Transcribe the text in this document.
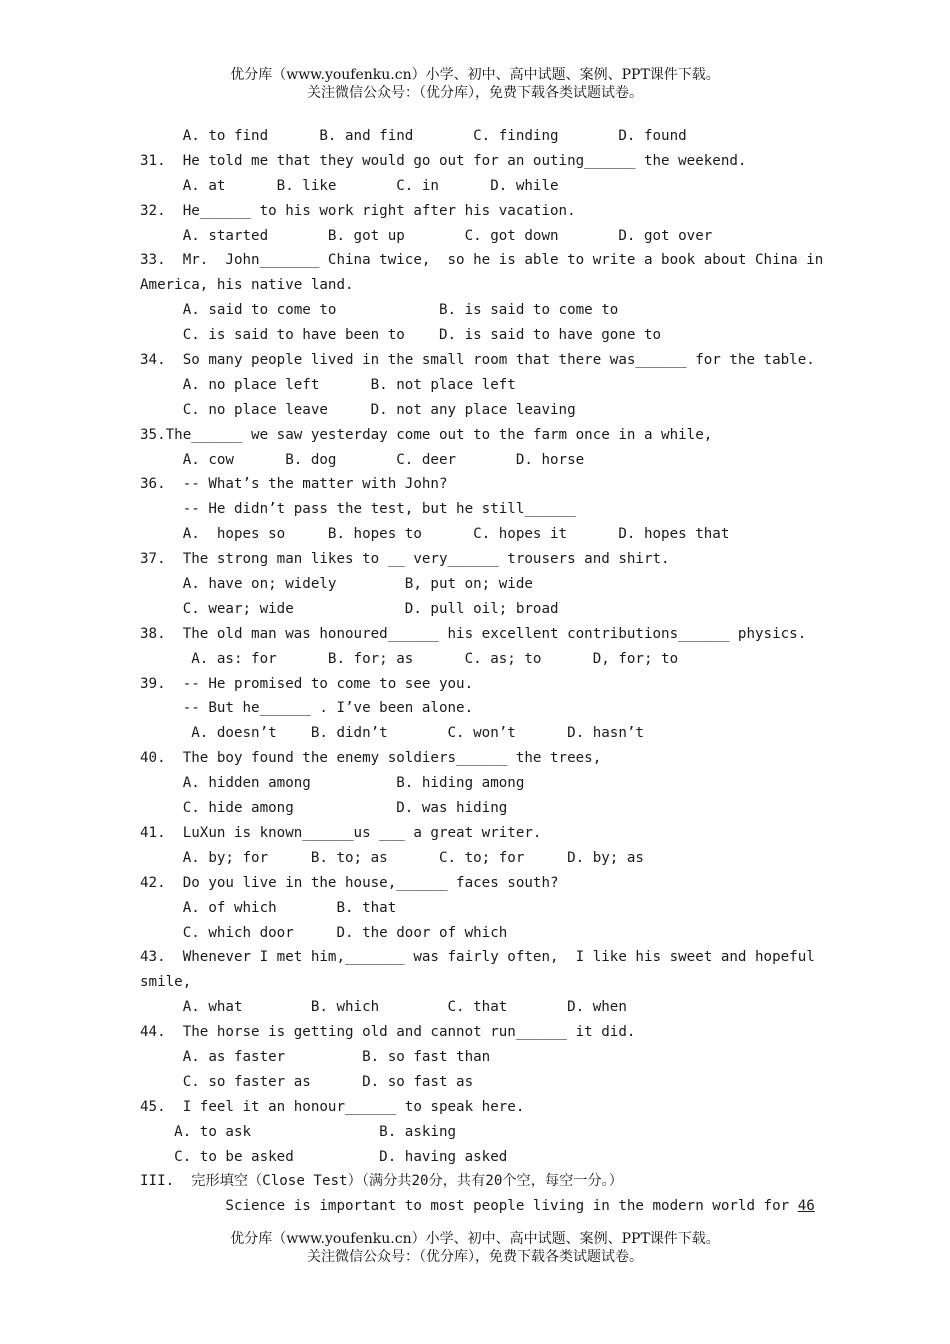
优分库（www.youfenku.cn）小学、初中、高中试题、案例、PPT课件下载。
关注微信公众号：（优分库），免费下载各类试题试卷。
A. to find      B. and find       C. finding       D. found
31.  He told me that they would go out for an outing______ the weekend.
A. at      B. like       C. in      D. while
32.  He______ to his work right after his vacation.
A. started       B. got up       C. got down       D. got over
33.  Mr.  John_______ China twice,  so he is able to write a book about China in
America, his native land.
A. said to come to            B. is said to come to
C. is said to have been to    D. is said to have gone to
34.  So many people lived in the small room that there was______ for the table.
A. no place left      B. not place left
C. no place leave     D. not any place leaving
35.The______ we saw yesterday come out to the farm once in a while,
A. cow      B. dog       C. deer       D. horse
36.  -- What’s the matter with John?
-- He didn’t pass the test, but he still______
A.  hopes so     B. hopes to      C. hopes it      D. hopes that
37.  The strong man likes to __ very______ trousers and shirt.
A. have on; widely        B, put on; wide
C. wear; wide             D. pull oil; broad
38.  The old man was honoured______ his excellent contributions______ physics.
A. as: for      B. for; as      C. as; to      D, for; to
39.  -- He promised to come to see you.
-- But he______ . I’ve been alone.
A. doesn’t    B. didn’t       C. won’t      D. hasn’t
40.  The boy found the enemy soldiers______ the trees,
A. hidden among          B. hiding among
C. hide among            D. was hiding
41.  LuXun is known______us ___ a great writer.
A. by; for     B. to; as      C. to; for     D. by; as
42.  Do you live in the house,______ faces south?
A. of which       B. that
C. which door     D. the door of which
43.  Whenever I met him,_______ was fairly often,  I like his sweet and hopeful
smile,
A. what        B. which        C. that       D. when
44.  The horse is getting old and cannot run______ it did.
A. as faster         B. so fast than
C. so faster as      D. so fast as
45.  I feel it an honour______ to speak here.
A. to ask               B. asking
C. to be asked          D. having asked
III.  完形填空（Close Test）（满分共20分，共有20个空，每空一分。）
Science is important to most people living in the modern world for 46
优分库（www.youfenku.cn）小学、初中、高中试题、案例、PPT课件下载。
关注微信公众号：（优分库），免费下载各类试题试卷。
